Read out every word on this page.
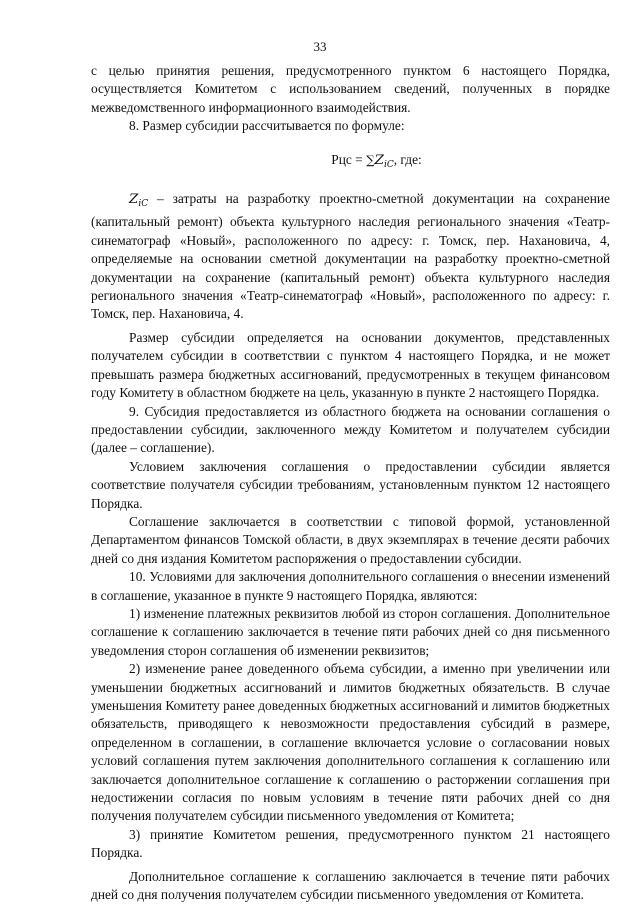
33

с целью принятия решения, предусмотренного пунктом 6 настоящего Порядка, осуществляется Комитетом с использованием сведений, полученных в порядке межведомственного информационного взаимодействия.

8. Размер субсидии рассчитывается по формуле:

Рцс = $\sum Z_{iC}$, где:

$Z_{iC}$ – затраты на разработку проектно-сметной документации на сохранение (капитальный ремонт) объекта культурного наследия регионального значения «Театр-синематограф «Новый», расположенного по адресу: г. Томск, пер. Нахановича, 4, определяемые на основании сметной документации на разработку проектно-сметной документации на сохранение (капитальный ремонт) объекта культурного наследия регионального значения «Театр-синематограф «Новый», расположенного по адресу: г. Томск, пер. Нахановича, 4.

Размер субсидии определяется на основании документов, представленных получателем субсидии в соответствии с пунктом 4 настоящего Порядка, и не может превышать размера бюджетных ассигнований, предусмотренных в текущем финансовом году Комитету в областном бюджете на цель, указанную в пункте 2 настоящего Порядка.

9. Субсидия предоставляется из областного бюджета на основании соглашения о предоставлении субсидии, заключенного между Комитетом и получателем субсидии (далее – соглашение).

Условием заключения соглашения о предоставлении субсидии является соответствие получателя субсидии требованиям, установленным пунктом 12 настоящего Порядка.

Соглашение заключается в соответствии с типовой формой, установленной Департаментом финансов Томской области, в двух экземплярах в течение десяти рабочих дней со дня издания Комитетом распоряжения о предоставлении субсидии.

10. Условиями для заключения дополнительного соглашения о внесении изменений в соглашение, указанное в пункте 9 настоящего Порядка, являются:

1) изменение платежных реквизитов любой из сторон соглашения. Дополнительное соглашение к соглашению заключается в течение пяти рабочих дней со дня письменного уведомления сторон соглашения об изменении реквизитов;

2) изменение ранее доведенного объема субсидии, а именно при увеличении или уменьшении бюджетных ассигнований и лимитов бюджетных обязательств. В случае уменьшения Комитету ранее доведенных бюджетных ассигнований и лимитов бюджетных обязательств, приводящего к невозможности предоставления субсидий в размере, определенном в соглашении, в соглашение включается условие о согласовании новых условий соглашения путем заключения дополнительного соглашения к соглашению или заключается дополнительное соглашение к соглашению о расторжении соглашения при недостижении согласия по новым условиям в течение пяти рабочих дней со дня получения получателем субсидии письменного уведомления от Комитета;

3) принятие Комитетом решения, предусмотренного пунктом 21 настоящего Порядка.

Дополнительное соглашение к соглашению заключается в течение пяти рабочих дней со дня получения получателем субсидии письменного уведомления от Комитета.
